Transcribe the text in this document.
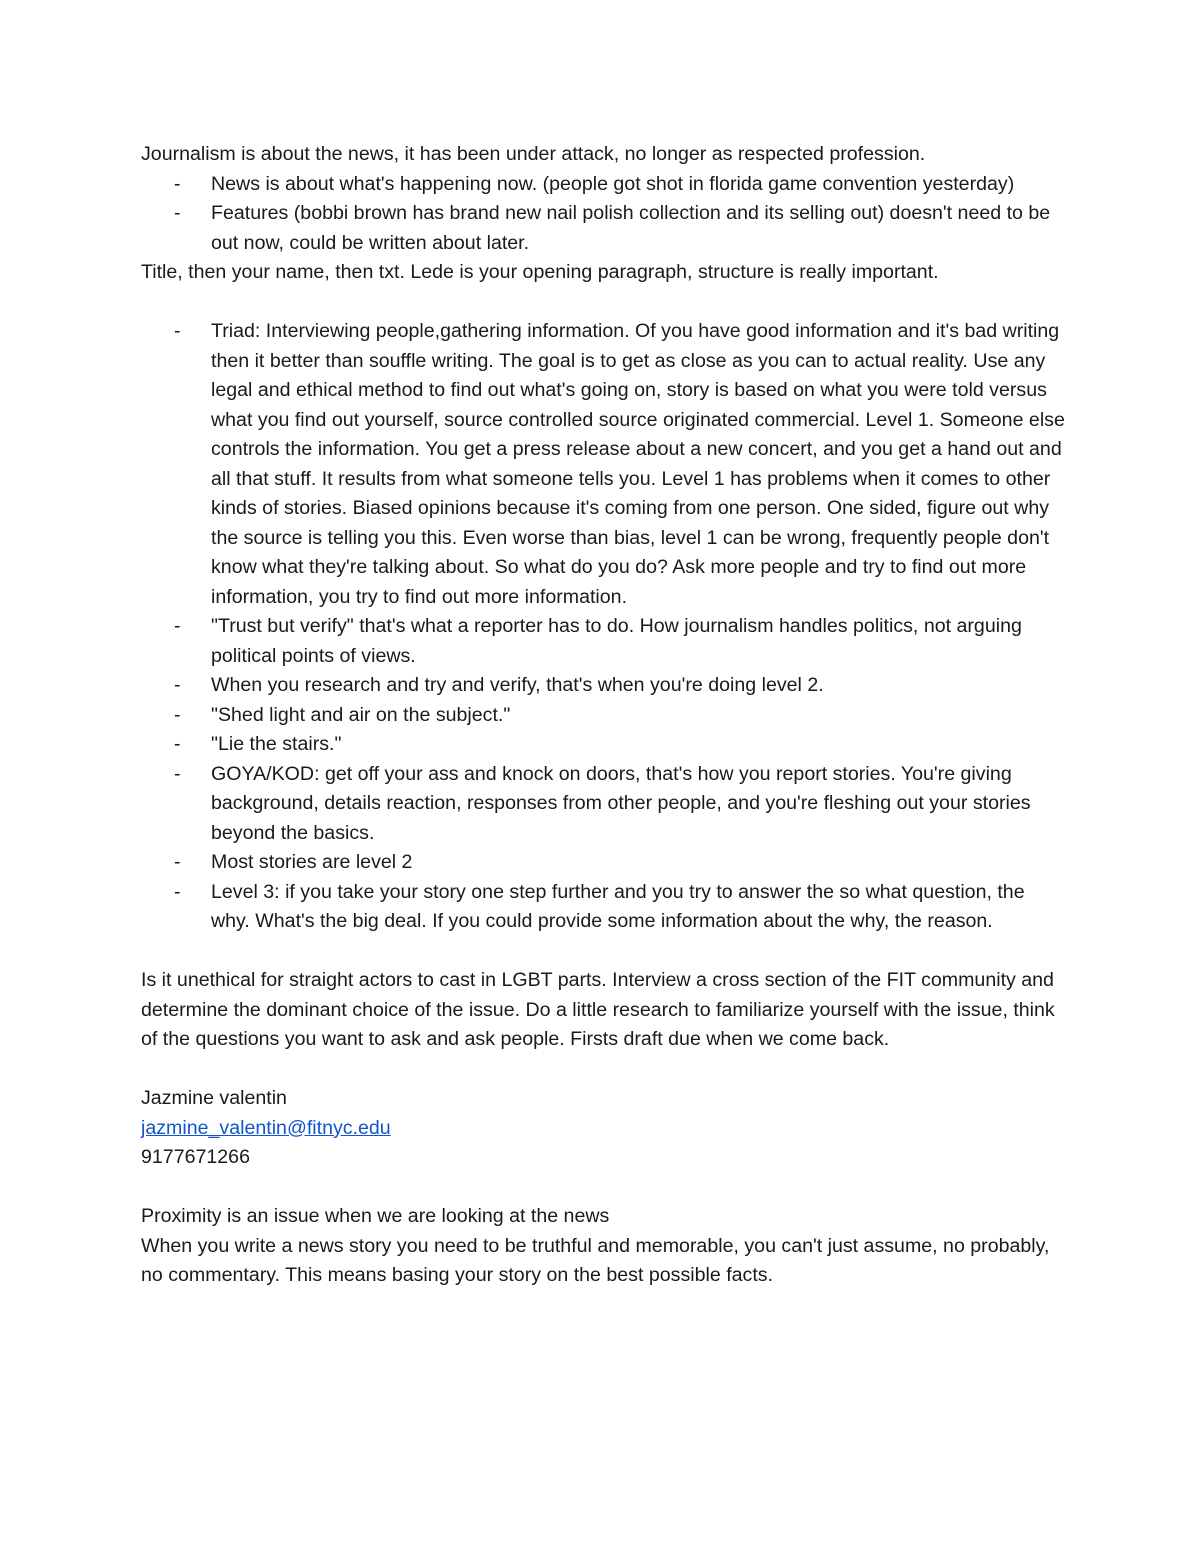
Journalism is about the news, it has been under attack, no longer as respected profession.

- News is about what's happening now. (people got shot in florida game convention yesterday)
- Features (bobbi brown has brand new nail polish collection and its selling out) doesn't need to be out now, could be written about later.

Title, then your name, then txt. Lede is your opening paragraph, structure is really important.

- Triad: Interviewing people,gathering information. Of you have good information and it's bad writing then it better than souffle writing. The goal is to get as close as you can to actual reality. Use any legal and ethical method to find out what's going on, story is based on what you were told versus what you find out yourself, source controlled source originated commercial. Level 1. Someone else controls the information. You get a press release about a new concert, and you get a hand out and all that stuff. It results from what someone tells you. Level 1 has problems when it comes to other kinds of stories. Biased opinions because it's coming from one person. One sided, figure out why the source is telling you this. Even worse than bias, level 1 can be wrong, frequently people don't know what they're talking about. So what do you do? Ask more people and try to find out more information, you try to find out more information.
- "Trust but verify" that's what a reporter has to do. How journalism handles politics, not arguing political points of views.
- When you research and try and verify, that's when you're doing level 2.
- "Shed light and air on the subject."
- "Lie the stairs."
- GOYA/KOD: get off your ass and knock on doors, that's how you report stories. You're giving background, details reaction, responses from other people, and you're fleshing out your stories beyond the basics.
- Most stories are level 2
- Level 3: if you take your story one step further and you try to answer the so what question, the why. What's the big deal. If you could provide some information about the why, the reason.

Is it unethical for straight actors to cast in LGBT parts. Interview a cross section of the FIT community and determine the dominant choice of the issue. Do a little research to familiarize yourself with the issue, think of the questions you want to ask and ask people. Firsts draft due when we come back.

Jazmine valentin

jazmine_valentin@fitnyc.edu

9177671266

Proximity is an issue when we are looking at the news

When you write a news story you need to be truthful and memorable, you can't just assume, no probably, no commentary. This means basing your story on the best possible facts.
